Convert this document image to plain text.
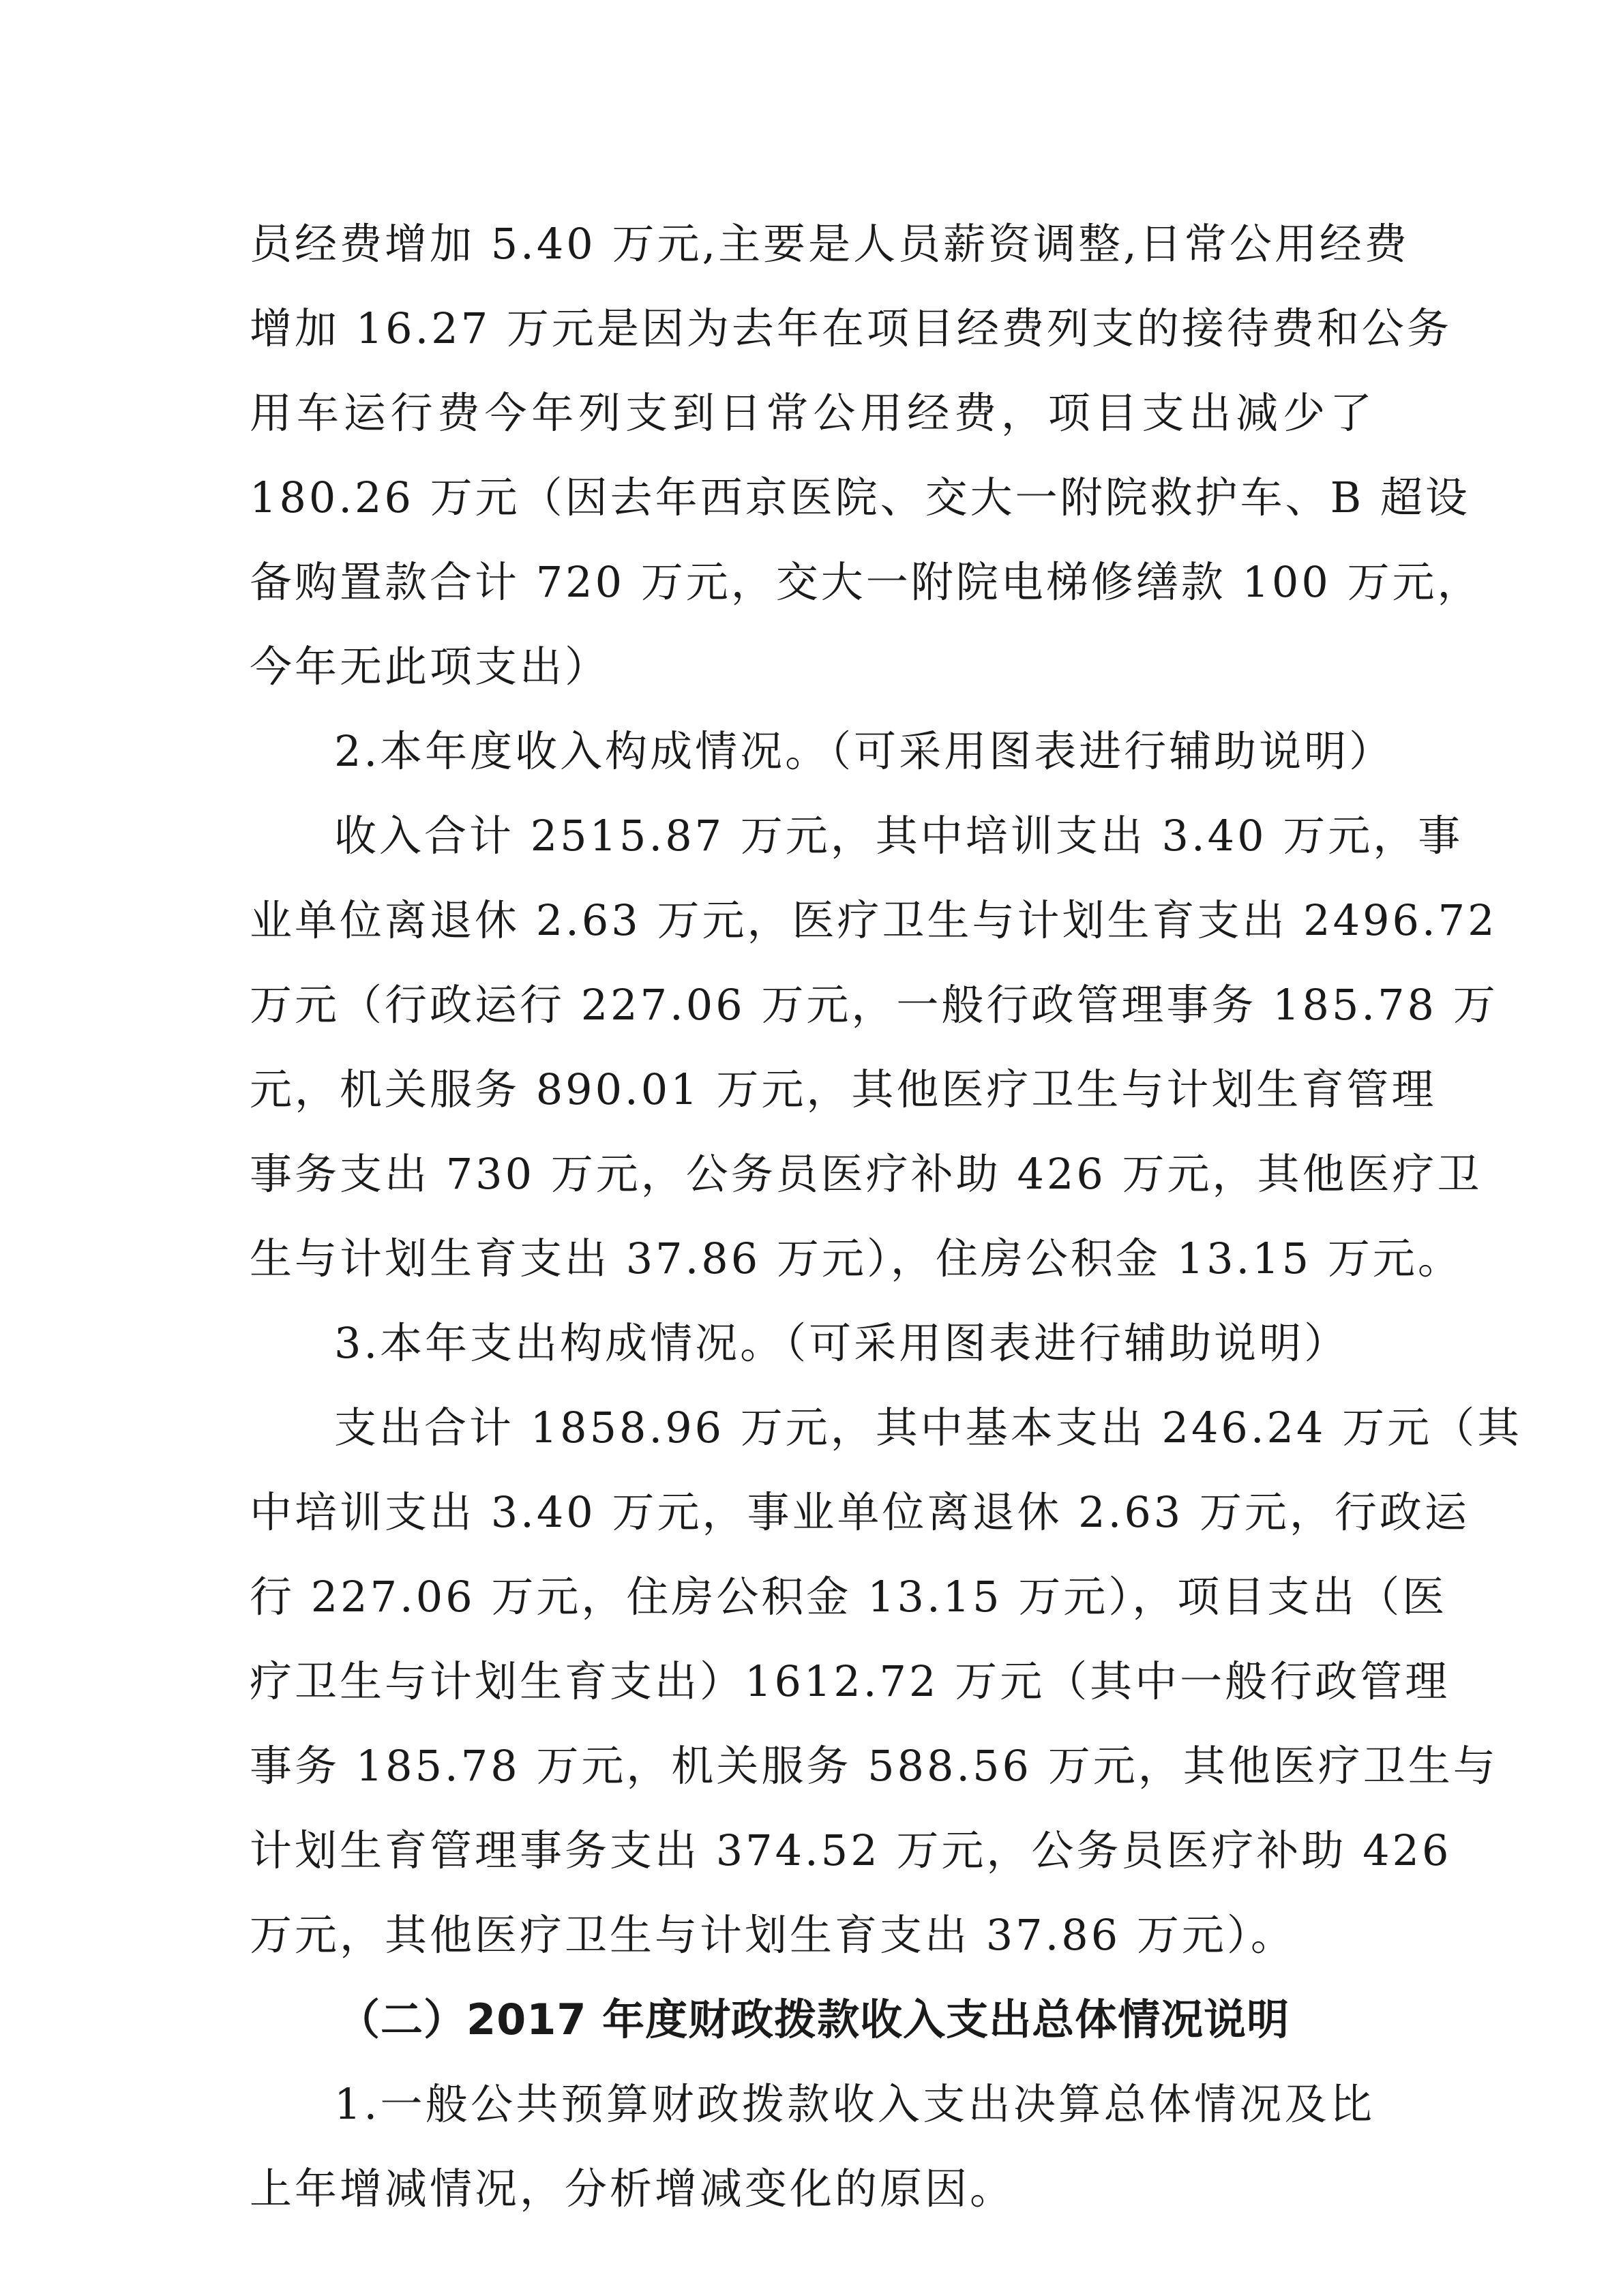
员经费增加 5.40 万元,主要是人员薪资调整,日常公用经费
增加 16.27 万元是因为去年在项目经费列支的接待费和公务
用车运行费今年列支到日常公用经费，项目支出减少了
180.26 万元（因去年西京医院、交大一附院救护车、B 超设
备购置款合计 720 万元，交大一附院电梯修缮款 100 万元，
今年无此项支出）
2.本年度收入构成情况。（可采用图表进行辅助说明）
收入合计 2515.87 万元，其中培训支出 3.40 万元，事
业单位离退休 2.63 万元，医疗卫生与计划生育支出 2496.72
万元（行政运行 227.06 万元，一般行政管理事务 185.78 万
元，机关服务 890.01 万元，其他医疗卫生与计划生育管理
事务支出 730 万元，公务员医疗补助 426 万元，其他医疗卫
生与计划生育支出 37.86 万元），住房公积金 13.15 万元。
3.本年支出构成情况。（可采用图表进行辅助说明）
支出合计 1858.96 万元，其中基本支出 246.24 万元（其
中培训支出 3.40 万元，事业单位离退休 2.63 万元，行政运
行 227.06 万元，住房公积金 13.15 万元），项目支出（医
疗卫生与计划生育支出）1612.72 万元（其中一般行政管理
事务 185.78 万元，机关服务 588.56 万元，其他医疗卫生与
计划生育管理事务支出 374.52 万元，公务员医疗补助 426
万元，其他医疗卫生与计划生育支出 37.86 万元）。
（二）2017 年度财政拨款收入支出总体情况说明
1.一般公共预算财政拨款收入支出决算总体情况及比
上年增减情况，分析增减变化的原因。
